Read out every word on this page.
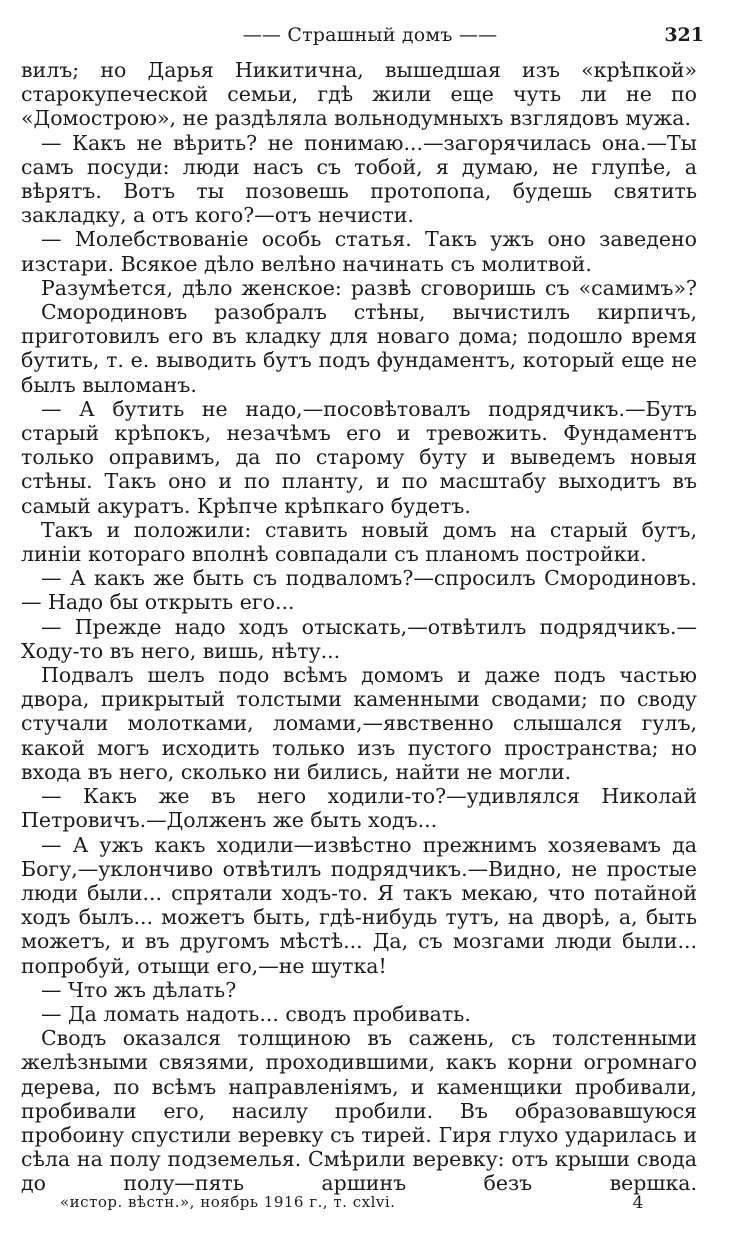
—— Страшный домъ ——	321

вилъ; но Дарья Никитична, вышедшая изъ «крѣпкой» старокупеческой семьи, гдѣ жили еще чуть ли не по «Домострою», не раздѣляла вольнодумныхъ взглядовъ мужа.

— Какъ не вѣрить? не понимаю...—загорячилась она.—Ты самъ посуди: люди насъ съ тобой, я думаю, не глупѣе, а вѣрятъ. Вотъ ты позовешь протопопа, будешь святить закладку, а отъ кого?—отъ нечисти.

— Молебствованіе особь статья. Такъ ужъ оно заведено изстари. Всякое дѣло велѣно начинать съ молитвой.

Разумѣется, дѣло женское: развѣ сговоришь съ «самимъ»?

Смородиновъ разобралъ стѣны, вычистилъ кирпичъ, приготовилъ его въ кладку для новаго дома; подошло время бутить, т. е. выводить бутъ подъ фундаментъ, который еще не былъ выломанъ.

— А бутить не надо,—посовѣтовалъ подрядчикъ.—Бутъ старый крѣпокъ, незачѣмъ его и тревожить. Фундаментъ только оправимъ, да по старому буту и выведемъ новыя стѣны. Такъ оно и по планту, и по масштабу выходитъ въ самый акуратъ. Крѣпче крѣпкаго будетъ.

Такъ и положили: ставить новый домъ на старый бутъ, линіи котораго вполнѣ совпадали съ планомъ постройки.

— А какъ же быть съ подваломъ?—спросилъ Смородиновъ.— Надо бы открыть его...

— Прежде надо ходъ отыскать,—отвѣтилъ подрядчикъ.— Ходу-то въ него, вишь, нѣту...

Подвалъ шелъ подо всѣмъ домомъ и даже подъ частью двора, прикрытый толстыми каменными сводами; по своду стучали молотками, ломами,—явственно слышался гулъ, какой могъ исходить только изъ пустого пространства; но входа въ него, сколько ни бились, найти не могли.

— Какъ же въ него ходили-то?—удивлялся Николай Петровичъ.—Долженъ же быть ходъ...

— А ужъ какъ ходили—извѣстно прежнимъ хозяевамъ да Богу,—уклончиво отвѣтилъ подрядчикъ.—Видно, не простые люди были... спрятали ходъ-то. Я такъ мекаю, что потайной ходъ былъ... можетъ быть, гдѣ-нибудь тутъ, на дворѣ, а, быть можетъ, и въ другомъ мѣстѣ... Да, съ мозгами люди были... попробуй, отыщи его,—не шутка!

— Что жъ дѣлать?

— Да ломать надоть... сводъ пробивать.

Сводъ оказался толщиною въ сажень, съ толстенными желѣзными связями, проходившими, какъ корни огромнаго дерева, по всѣмъ направленіямъ, и каменщики пробивали, пробивали его, насилу пробили. Въ образовавшуюся пробоину спустили веревку съ тирей. Гиря глухо ударилась и сѣла на полу подземелья. Смѣрили веревку: отъ крыши свода до полу—пять аршинъ безъ вершка.

«истор. вѣстн.», ноябрь 1916 г., т. cxlvi.	4
